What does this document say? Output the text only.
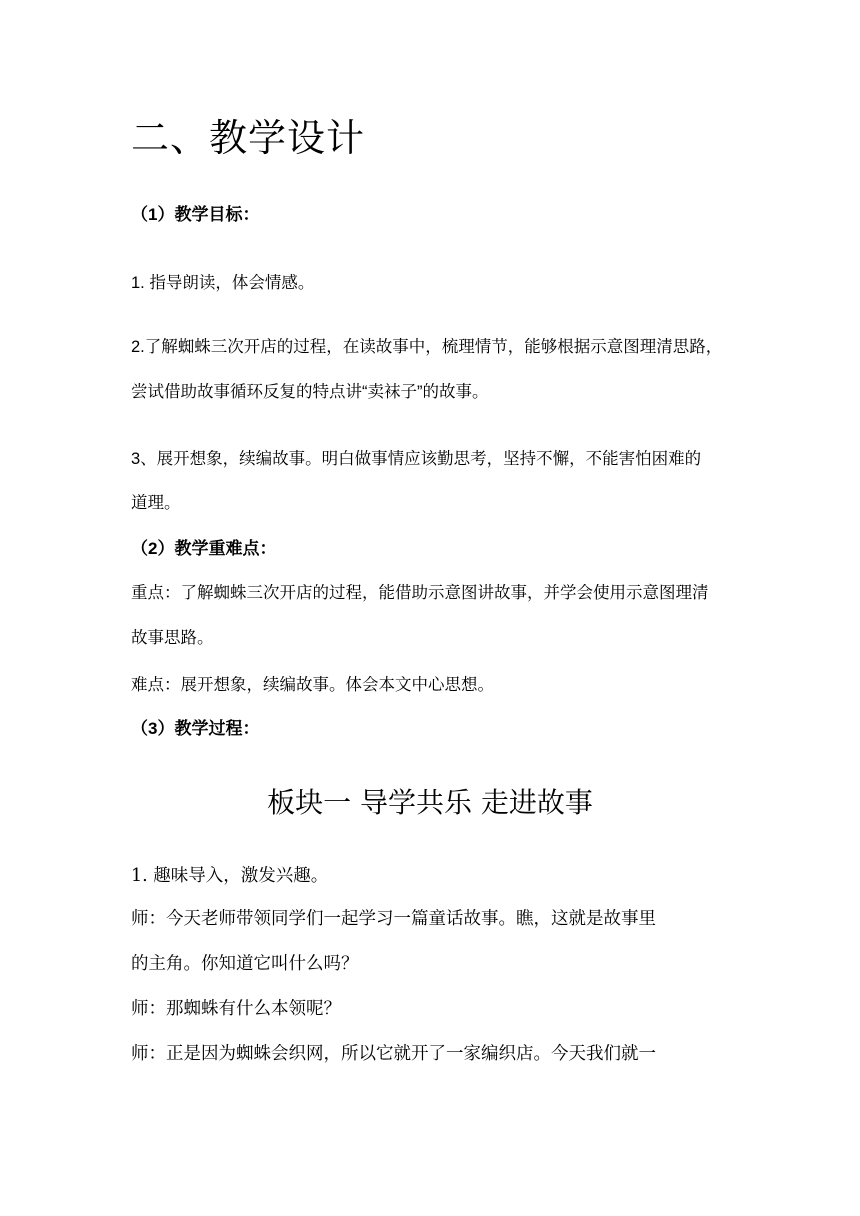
二、教学设计
（1）教学目标：
1. 指导朗读，体会情感。
2.了解蜘蛛三次开店的过程，在读故事中，梳理情节，能够根据示意图理清思路，
尝试借助故事循环反复的特点讲“卖袜子”的故事。
3、展开想象，续编故事。明白做事情应该勤思考，坚持不懈，不能害怕困难的
道理。
（2）教学重难点：
重点：了解蜘蛛三次开店的过程，能借助示意图讲故事，并学会使用示意图理清
故事思路。
难点：展开想象，续编故事。体会本文中心思想。
（3）教学过程：
板块一 导学共乐 走进故事
1. 趣味导入，激发兴趣。
师：今天老师带领同学们一起学习一篇童话故事。瞧，这就是故事里
的主角。你知道它叫什么吗？
师：那蜘蛛有什么本领呢？
师：正是因为蜘蛛会织网，所以它就开了一家编织店。今天我们就一
